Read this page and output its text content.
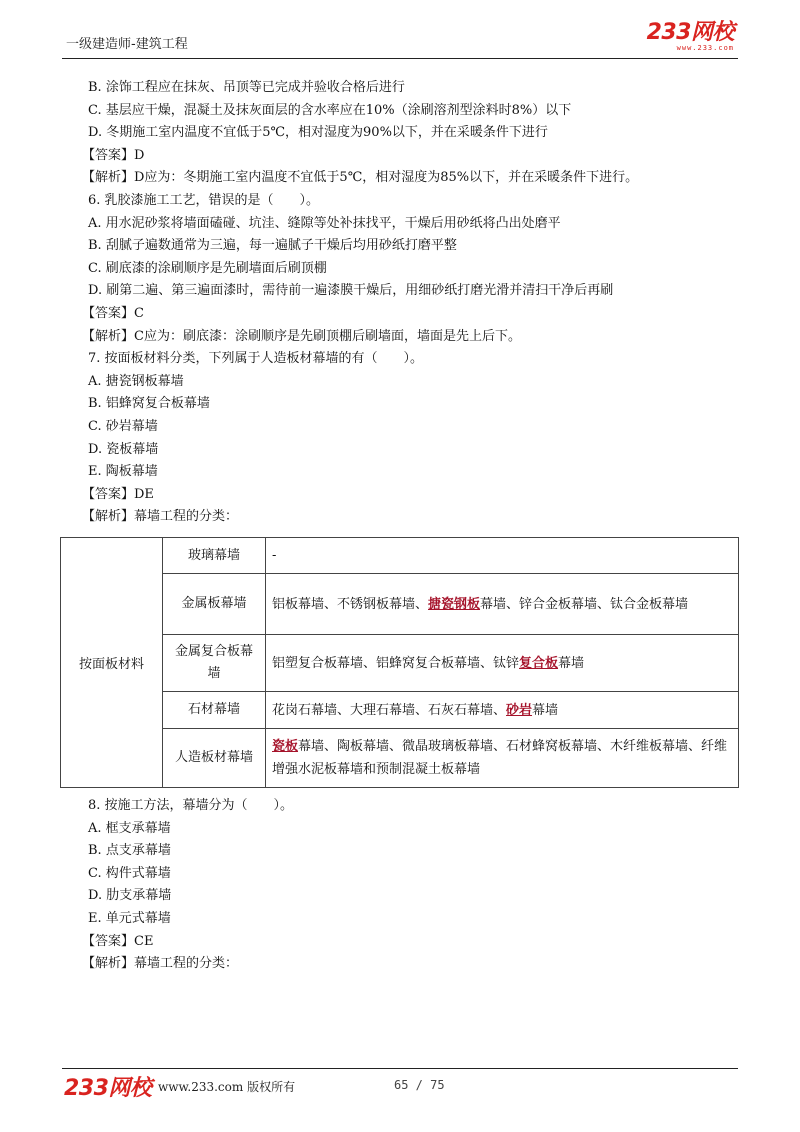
一级建造师-建筑工程	233网校
www.233.com
B. 涂饰工程应在抹灰、吊顶等已完成并验收合格后进行
C. 基层应干燥，混凝土及抹灰面层的含水率应在10%（涂刷溶剂型涂料时8%）以下
D. 冬期施工室内温度不宜低于5℃，相对湿度为90%以下，并在采暖条件下进行
【答案】D
【解析】D应为：冬期施工室内温度不宜低于5℃，相对湿度为85%以下，并在采暖条件下进行。
6. 乳胶漆施工工艺，错误的是（　　）。
A. 用水泥砂浆将墙面磕碰、坑洼、缝隙等处补抹找平，干燥后用砂纸将凸出处磨平
B. 刮腻子遍数通常为三遍，每一遍腻子干燥后均用砂纸打磨平整
C. 刷底漆的涂刷顺序是先刷墙面后刷顶棚
D. 刷第二遍、第三遍面漆时，需待前一遍漆膜干燥后，用细砂纸打磨光滑并清扫干净后再刷
【答案】C
【解析】C应为：刷底漆：涂刷顺序是先刷顶棚后刷墙面，墙面是先上后下。
7. 按面板材料分类，下列属于人造板材幕墙的有（　　）。
A. 搪瓷钢板幕墙
B. 铝蜂窝复合板幕墙
C. 砂岩幕墙
D. 瓷板幕墙
E. 陶板幕墙
【答案】DE
【解析】幕墙工程的分类：
按面板材料	玻璃幕墙	-
	金属板幕墙	铝板幕墙、不锈钢板幕墙、搪瓷钢板幕墙、锌合金板幕墙、钛合金板幕墙
	金属复合板幕墙	铝塑复合板幕墙、铝蜂窝复合板幕墙、钛锌复合板幕墙
	石材幕墙	花岗石幕墙、大理石幕墙、石灰石幕墙、砂岩幕墙
	人造板材幕墙	瓷板幕墙、陶板幕墙、微晶玻璃板幕墙、石材蜂窝板幕墙、木纤维板幕墙、纤维增强水泥板幕墙和预制混凝土板幕墙
8. 按施工方法，幕墙分为（　　）。
A. 框支承幕墙
B. 点支承幕墙
C. 构件式幕墙
D. 肋支承幕墙
E. 单元式幕墙
【答案】CE
【解析】幕墙工程的分类：
233网校 www.233.com 版权所有	65 / 75
